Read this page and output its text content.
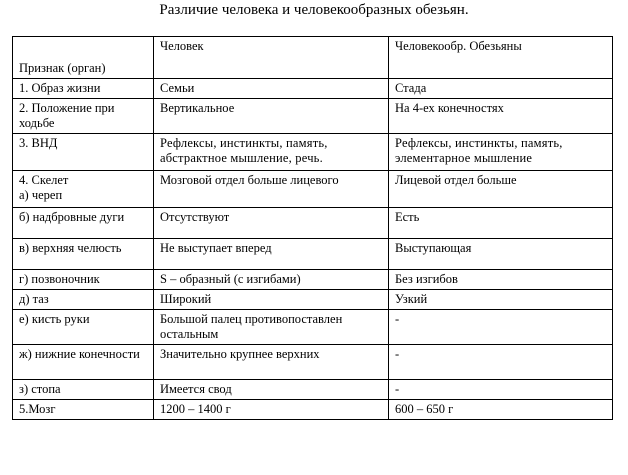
Различие человека и человекообразных обезьян.
Признак (орган)	Человек	Человекообр. Обезьяны
1. Образ жизни	Семьи	Стада
2. Положение при ходьбе	Вертикальное	На 4-ех конечностях
3. ВНД	Рефлексы, инстинкты, память, абстрактное мышление, речь.	Рефлексы, инстинкты, память, элементарное мышление

4. Скелет
а) череп	Мозговой отдел больше лицевого	Лицевой отдел больше
б) надбровные дуги	Отсутствуют	Есть
в) верхняя челюсть	Не выступает вперед	Выступающая
г) позвоночник	S – образный (с изгибами)	Без изгибов
д) таз	Широкий	Узкий
е) кисть руки	Большой палец противопоставлен остальным	-
ж) нижние конечности	Значительно крупнее верхних	-
з) стопа	Имеется свод	-
5.Мозг	1200 – 1400 г	600 – 650 г
